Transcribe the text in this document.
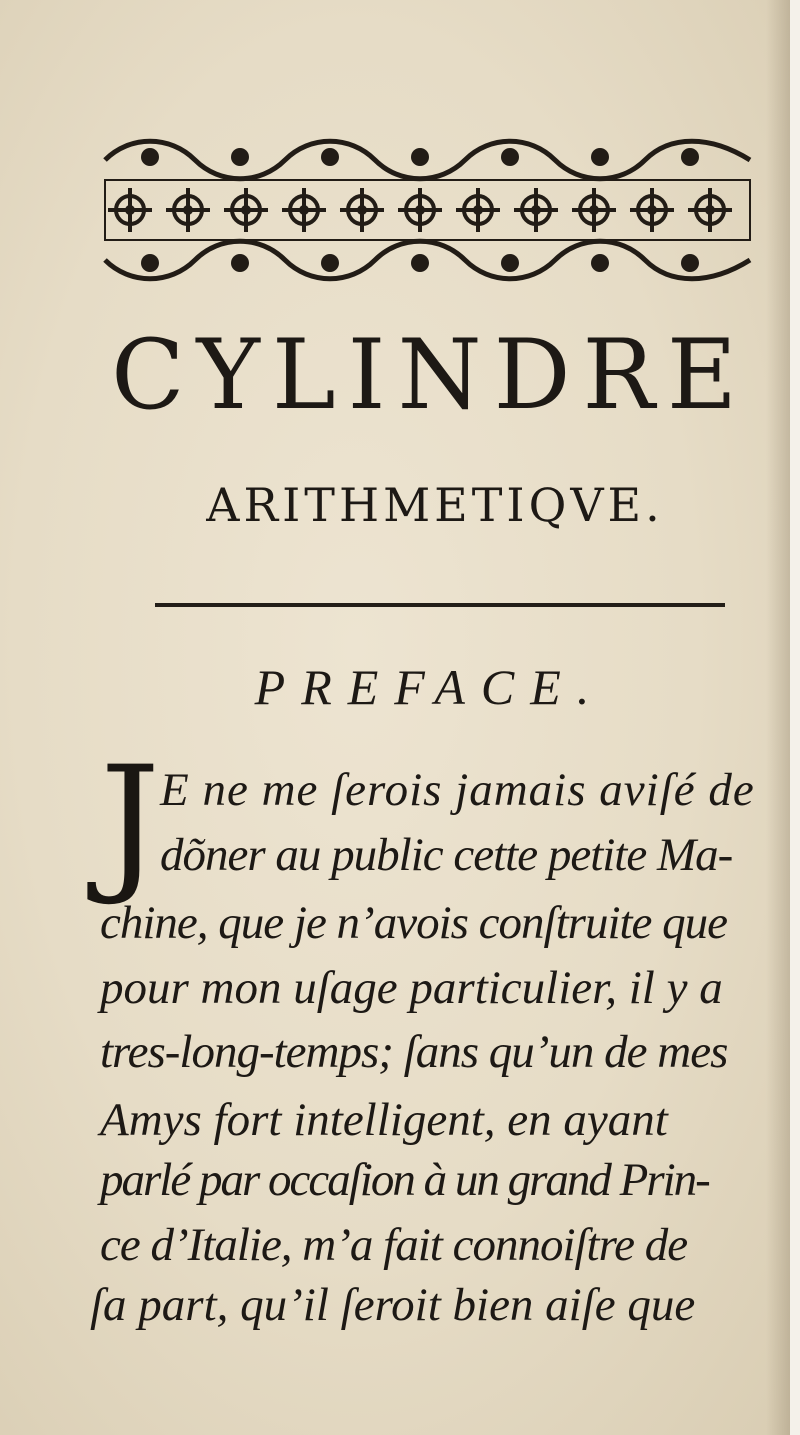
CYLINDRE
ARITHMETIQVE.
PREFACE.
J E ne me ſerois jamais aviſé de

dõner au public cette petite Ma-

chine, que je n’avois conſtruite que

pour mon uſage particulier, il y a

tres-long-temps; ſans qu’un de mes

Amys fort intelligent, en ayant

parlé par occaſion à un grand Prin-

ce d’Italie, m’a fait connoiſtre de

ſa part, qu’il ſeroit bien aiſe que
